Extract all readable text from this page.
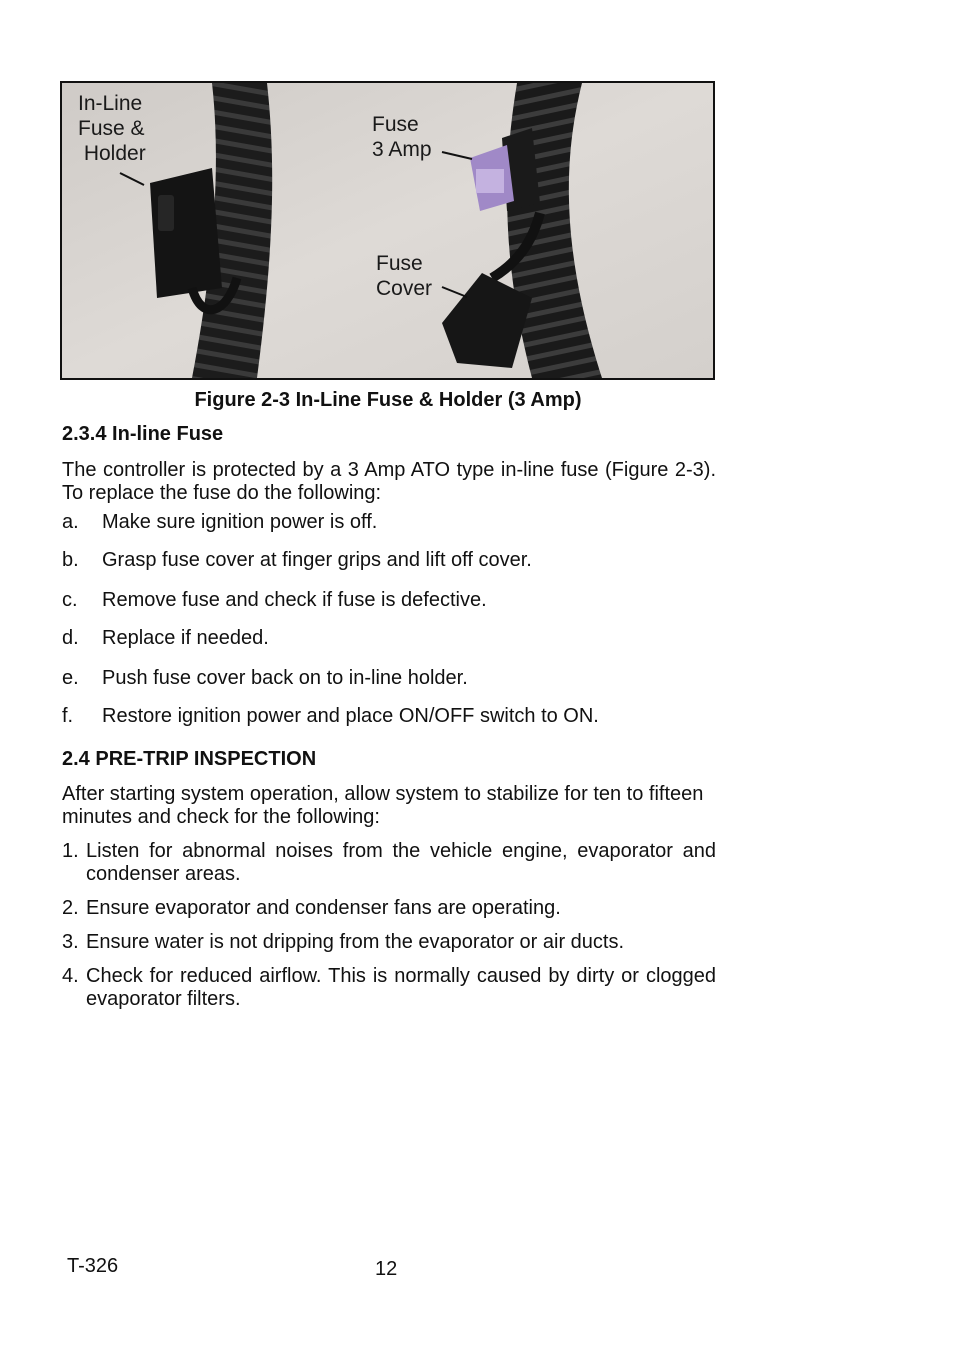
In-Line
Fuse &
Holder
Fuse
3 Amp
Fuse
Cover
Figure 2-3 In-Line Fuse & Holder (3 Amp)
2.3.4 In-line Fuse
The controller is protected by a 3 Amp ATO type in-line fuse (Figure 2-3). To replace the fuse do the following:
a. Make sure ignition power is off.
b. Grasp fuse cover at finger grips and lift off cover.
c. Remove fuse and check if fuse is defective.
d. Replace if needed.
e. Push fuse cover back on to in-line holder.
f. Restore ignition power and place ON/OFF switch to ON.
2.4 PRE-TRIP INSPECTION
After starting system operation, allow system to stabilize for ten to fifteen minutes and check for the following:
1. Listen for abnormal noises from the vehicle engine, evaporator and condenser areas.
2. Ensure evaporator and condenser fans are operating.
3. Ensure water is not dripping from the evaporator or air ducts.
4. Check for reduced airflow. This is normally caused by dirty or clogged evaporator filters.
T-326	12
